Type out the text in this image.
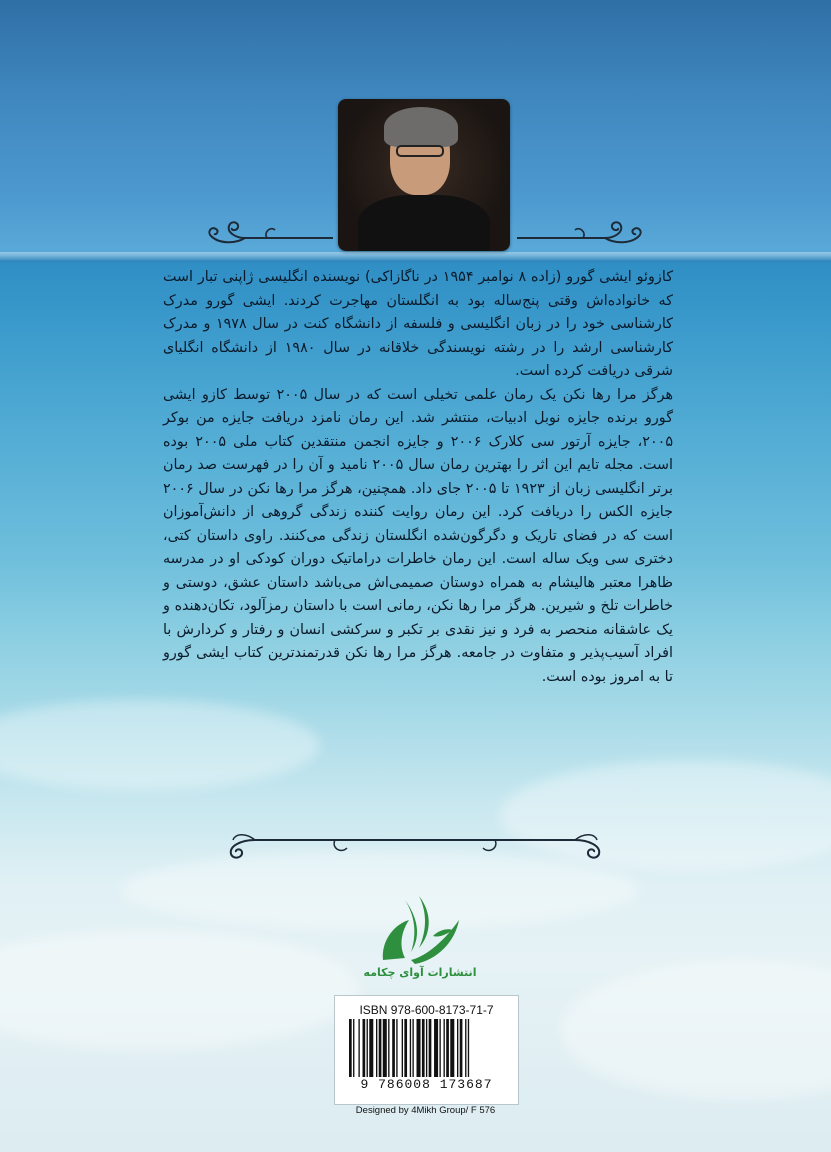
کازوئو ایشی گورو (زاده ۸ نوامبر ۱۹۵۴ در ناگازاکی) نویسنده انگلیسی ژاپنی تبار است که خانواده‌اش وقتی پنج‌ساله بود به انگلستان مهاجرت کردند. ایشی گورو مدرک کارشناسی خود را در زبان انگلیسی و فلسفه از دانشگاه کنت در سال ۱۹۷۸ و مدرک کارشناسی ارشد را در رشته نویسندگی خلاقانه در سال ۱۹۸۰ از دانشگاه انگلیای شرقی دریافت کرده است.

هرگز مرا رها نکن یک رمان علمی تخیلی است که در سال ۲۰۰۵ توسط کازو ایشی گورو برنده جایزه نوبل ادبیات، منتشر شد. این رمان نامزد دریافت جایزه من بوکر ۲۰۰۵، جایزه آرتور سی کلارک ۲۰۰۶ و جایزه انجمن منتقدین کتاب ملی ۲۰۰۵ بوده است. مجله تایم این اثر را بهترین رمان سال ۲۰۰۵ نامید و آن را در فهرست صد رمان برتر انگلیسی زبان از ۱۹۲۳ تا ۲۰۰۵ جای داد. همچنین، هرگز مرا رها نکن در سال ۲۰۰۶ جایزه الکس را دریافت کرد. این رمان روایت کننده زندگی گروهی از دانش‌آموزان است که در فضای تاریک و دگرگون‌شده انگلستان زندگی می‌کنند. راوی داستان کتی، دختری سی ویک ساله است. این رمان خاطرات دراماتیک دوران کودکی او در مدرسه ظاهرا معتبر هالیشام به همراه دوستان صمیمی‌اش می‌باشد داستان عشق، دوستی و خاطرات تلخ و شیرین. هرگز مرا رها نکن، رمانی است با داستان رمزآلود، تکان‌دهنده و یک عاشقانه منحصر به فرد و نیز نقدی بر تکبر و سرکشی انسان و رفتار و کردارش با افراد آسیب‌پذیر و متفاوت در جامعه. هرگز مرا رها نکن قدرتمندترین کتاب ایشی گورو تا به امروز بوده است.

انتشارات آوای چکامه
ISBN 978-600-8173-71-7
9 786008 173687
Designed by 4Mikh Group/ F 576
